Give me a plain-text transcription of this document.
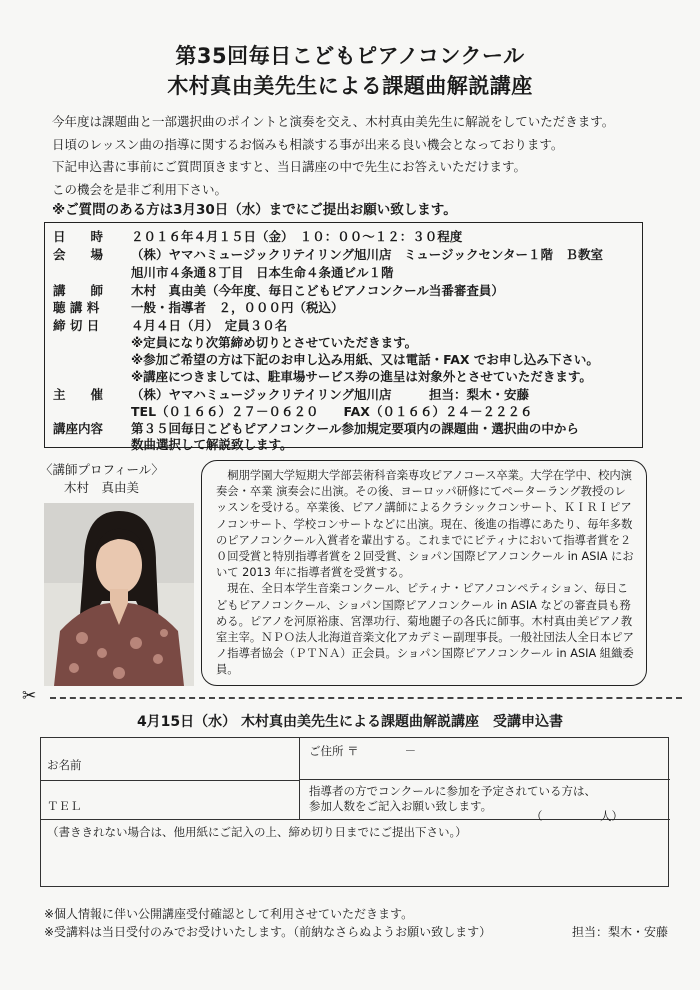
第35回毎日こどもピアノコンクール
木村真由美先生による課題曲解説講座
今年度は課題曲と一部選択曲のポイントと演奏を交え、木村真由美先生に解説をしていただきます。
日頃のレッスン曲の指導に関するお悩みも相談する事が出来る良い機会となっております。
下記申込書に事前にご質問頂きますと、当日講座の中で先生にお答えいただけます。
この機会を是非ご利用下さい。
※ご質問のある方は3月30日（水）までにご提出お願い致します。
日　　時 ２０１６年４月１５日（金）　１０：００～１２：３０程度
会　　場 （株）ヤマハミュージックリテイリング旭川店　ミュージックセンター１階　Ｂ教室
旭川市４条通８丁目　日本生命４条通ビル１階
講　　師 木村　真由美（今年度、毎日こどもピアノコンクール当番審査員）
聴 講 料	一般・指導者　２，０００円（税込）
締 切 日	４月４日（月）　定員３０名
※定員になり次第締め切りとさせていただきます。
※参加ご希望の方は下記のお申し込み用紙、又は電話・FAX でお申し込み下さい。
※講座につきましては、駐車場サービス券の進呈は対象外とさせていただきます。
主　　催 （株）ヤマハミュージックリテイリング旭川店　　　担当：梨木・安藤
TEL（０１６６）２７－０６２０　　FAX（０１６６）２４－２２２６
講座内容 第３５回毎日こどもピアノコンクール参加規定要項内の課題曲・選択曲の中から
数曲選択して解説致します。
〈講師プロフィール〉
木村　真由美

桐朋学園大学短期大学部芸術科音楽専攻ピアノコース卒業。大学在学中、校内演奏会・卒業 演奏会に出演。その後、ヨーロッパ研修にてペーターラング教授のレッスンを受ける。卒業後、ピアノ講師によるクラシックコンサート、ＫＩＲＩピアノコンサート、学校コンサートなどに出演。現在、後進の指導にあたり、毎年多数のピアノコンクール入賞者を輩出する。これまでにピティナにおいて指導者賞を２０回受賞と特別指導者賞を２回受賞、ショパン国際ピアノコンクール in ASIA において 2013 年に指導者賞を受賞する。

現在、全日本学生音楽コンクール、ピティナ・ピアノコンペティション、毎日こどもピアノコンクール、ショパン国際ピアノコンクール in ASIA などの審査員も務める。ピアノを河原裕康、宮澤功行、菊地麗子の各氏に師事。木村真由美ピアノ教室主宰。ＮＰＯ法人北海道音楽文化アカデミー副理事長。一般社団法人全日本ピアノ指導者協会（ＰＴＮＡ）正会員。ショパン国際ピアノコンクール in ASIA 組織委員。

✂
4月15日（水） 木村真由美先生による課題曲解説講座　受講申込書
お名前
ご住所 〒　　　　－
ＴＥＬ
指導者の方でコンクールに参加を予定されている方は、
参加人数をご記入お願い致します。
（　　　　　人）
（書ききれない場合は、他用紙にご記入の上、締め切り日までにご提出下さい。）
※個人情報に伴い公開講座受付確認として利用させていただきます。
※受講料は当日受付のみでお受けいたします。（前納なさらぬようお願い致します）	担当：梨木・安藤
